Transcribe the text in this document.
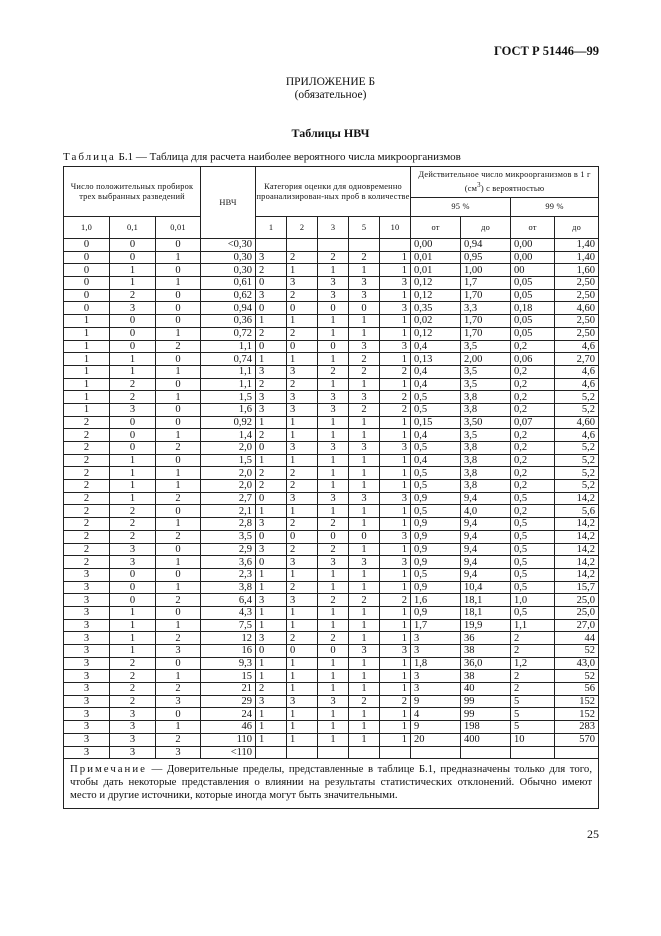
ГОСТ Р 51446—99
ПРИЛОЖЕНИЕ Б
(обязательное)
Таблицы НВЧ
Таблица Б.1 — Таблица для расчета наиболее вероятного числа микроорганизмов
Число положительных пробирок трех выбранных разведений			НВЧ	Категория оценки для одновременно проанализирован-ных проб в количестве					Действительное число микроорганизмов в 1 г $(см^3)$ с вероятностью			
									95 %		99 %	
1,0	0,1	0,01		1	2	3	5	10	от	до	от	до
0	0	0	<0,30						0,00	0,94	0,00	1,40
0	0	1	0,30	3	2	2	2	1	0,01	0,95	0,00	1,40
0	1	0	0,30	2	1	1	1	1	0,01	1,00	00	1,60
0	1	1	0,61	0	3	3	3	3	0,12	1,7	0,05	2,50
0	2	0	0,62	3	2	3	3	1	0,12	1,70	0,05	2,50
0	3	0	0,94	0	0	0	0	3	0,35	3,3	0,18	4,60
1	0	0	0,36	1	1	1	1	1	0,02	1,70	0,05	2,50
1	0	1	0,72	2	2	1	1	1	0,12	1,70	0,05	2,50
1	0	2	1,1	0	0	0	3	3	0,4	3,5	0,2	4,6
1	1	0	0,74	1	1	1	2	1	0,13	2,00	0,06	2,70
1	1	1	1,1	3	3	2	2	2	0,4	3,5	0,2	4,6
1	2	0	1,1	2	2	1	1	1	0,4	3,5	0,2	4,6
1	2	1	1,5	3	3	3	3	2	0,5	3,8	0,2	5,2
1	3	0	1,6	3	3	3	2	2	0,5	3,8	0,2	5,2
2	0	0	0,92	1	1	1	1	1	0,15	3,50	0,07	4,60
2	0	1	1,4	2	1	1	1	1	0,4	3,5	0,2	4,6
2	0	2	2,0	0	3	3	3	3	0,5	3,8	0,2	5,2
2	1	0	1,5	1	1	1	1	1	0,4	3,8	0,2	5,2
2	1	1	2,0	2	2	1	1	1	0,5	3,8	0,2	5,2
2	1	1	2,0	2	2	1	1	1	0,5	3,8	0,2	5,2
2	1	2	2,7	0	3	3	3	3	0,9	9,4	0,5	14,2
2	2	0	2,1	1	1	1	1	1	0,5	4,0	0,2	5,6
2	2	1	2,8	3	2	2	1	1	0,9	9,4	0,5	14,2
2	2	2	3,5	0	0	0	0	3	0,9	9,4	0,5	14,2
2	3	0	2,9	3	2	2	1	1	0,9	9,4	0,5	14,2
2	3	1	3,6	0	3	3	3	3	0,9	9,4	0,5	14,2
3	0	0	2,3	1	1	1	1	1	0,5	9,4	0,5	14,2
3	0	1	3,8	1	2	1	1	1	0,9	10,4	0,5	15,7
3	0	2	6,4	3	3	2	2	2	1,6	18,1	1,0	25,0
3	1	0	4,3	1	1	1	1	1	0,9	18,1	0,5	25,0
3	1	1	7,5	1	1	1	1	1	1,7	19,9	1,1	27,0
3	1	2	12	3	2	2	1	1	3	36	2	44
3	1	3	16	0	0	0	3	3	3	38	2	52
3	2	0	9,3	1	1	1	1	1	1,8	36,0	1,2	43,0
3	2	1	15	1	1	1	1	1	3	38	2	52
3	2	2	21	2	1	1	1	1	3	40	2	56
3	2	3	29	3	3	3	2	2	9	99	5	152
3	3	0	24	1	1	1	1	1	4	99	5	152
3	3	1	46	1	1	1	1	1	9	198	5	283
3	3	2	110	1	1	1	1	1	20	400	10	570
3	3	3	<110									
Примечание — Доверительные пределы, представленные в таблице Б.1, предназначены только для того, чтобы дать некоторые представления о влиянии на результаты статистических отклонений. Обычно имеют место и другие источники, которые иногда могут быть значительными.												
25
